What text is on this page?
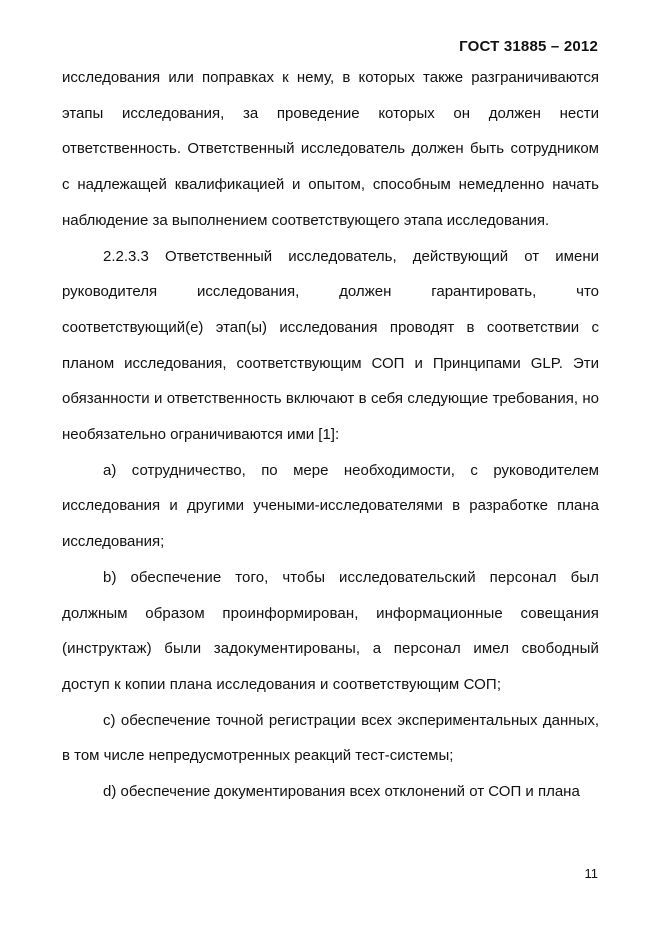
ГОСТ 31885 – 2012

исследования или поправках к нему, в которых также разграничиваются этапы исследования, за проведение которых он должен нести ответственность. Ответственный исследователь должен быть сотрудником с надлежащей квалификацией и опытом, способным немедленно начать наблюдение за выполнением соответствующего этапа исследования.

2.2.3.3 Ответственный исследователь, действующий от имени руководителя исследования, должен гарантировать, что соответствующий(е) этап(ы) исследования проводят в соответствии с планом исследования, соответствующим СОП и Принципами GLP. Эти обязанности и ответственность включают в себя следующие требования, но необязательно ограничиваются ими [1]:

a) сотрудничество, по мере необходимости, с руководителем исследования и другими учеными-исследователями в разработке плана исследования;

b) обеспечение того, чтобы исследовательский персонал был должным образом проинформирован, информационные совещания (инструктаж) были задокументированы, а персонал имел свободный доступ к копии плана исследования и соответствующим СОП;

c) обеспечение точной регистрации всех экспериментальных данных, в том числе непредусмотренных реакций тест-системы;

d) обеспечение документирования всех отклонений от СОП и плана

11
